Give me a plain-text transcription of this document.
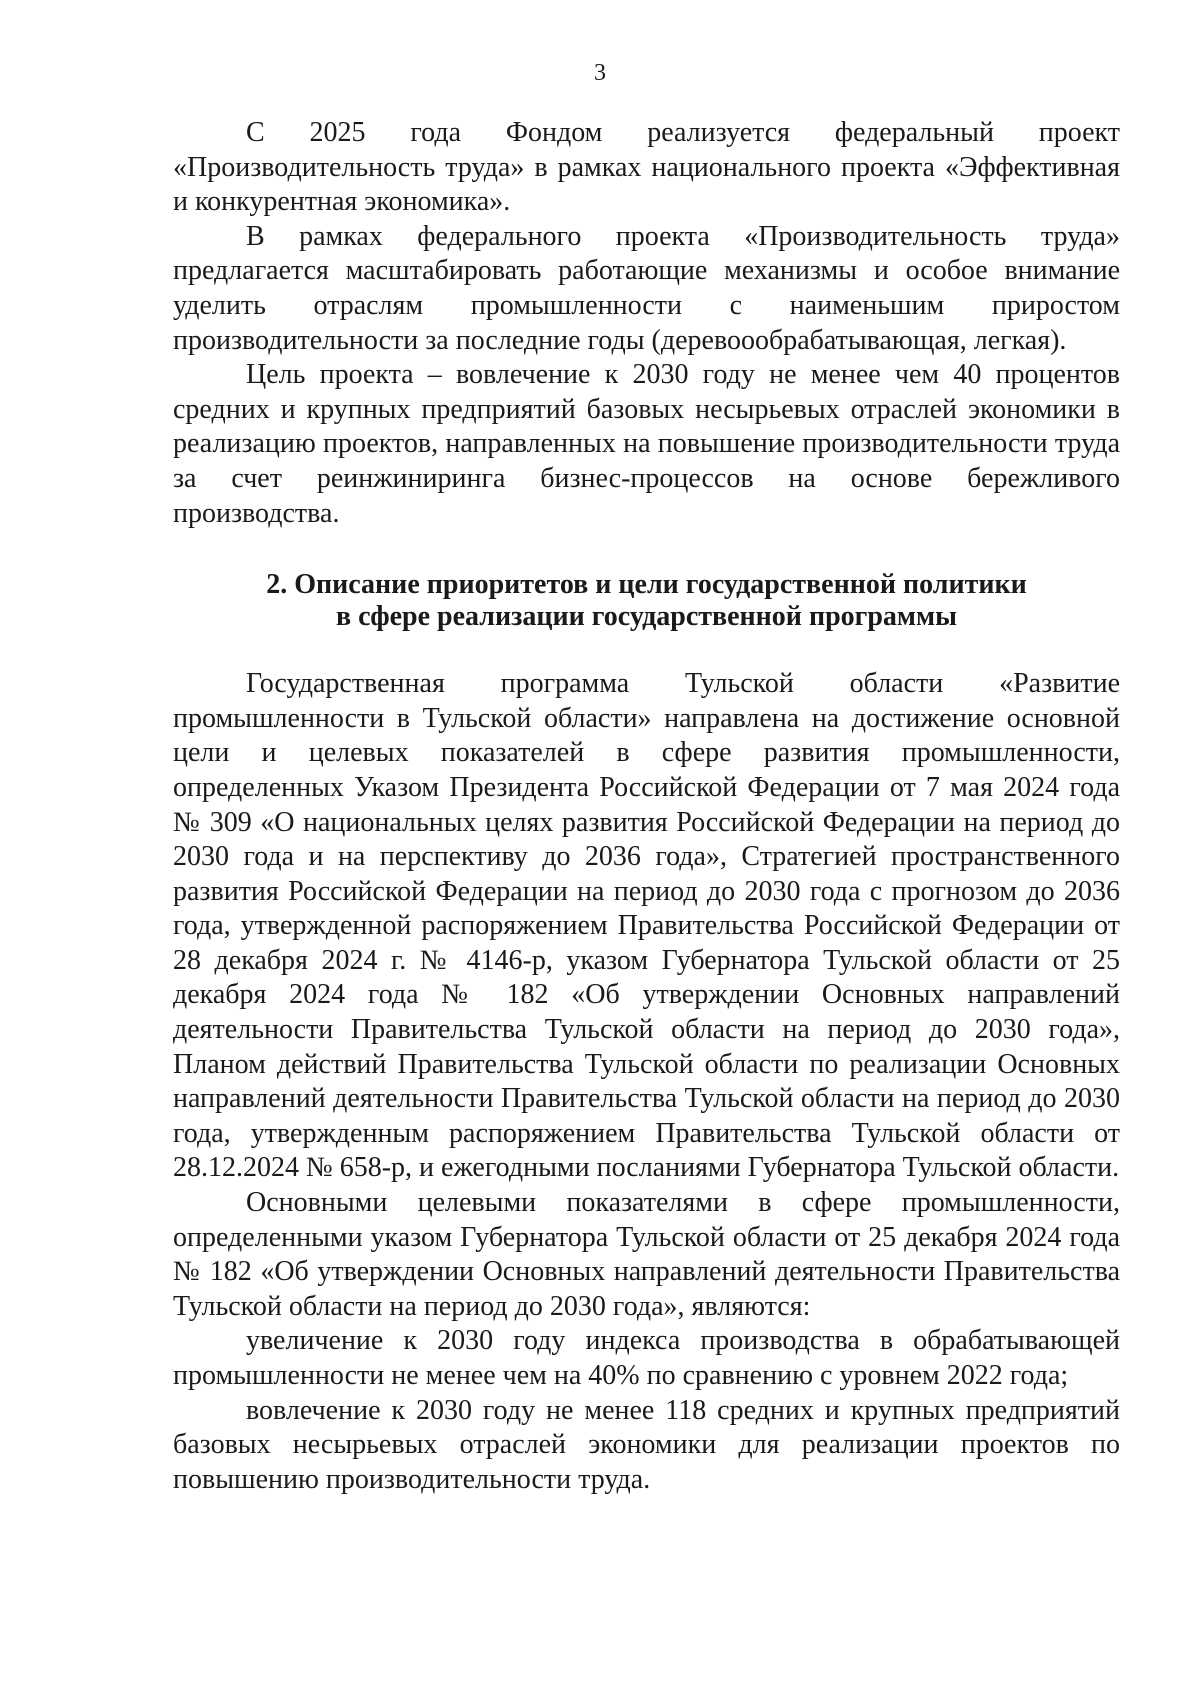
3

С 2025 года Фондом реализуется федеральный проект «Производительность труда» в рамках национального проекта «Эффективная и конкурентная экономика».

В рамках федерального проекта «Производительность труда» предлагается масштабировать работающие механизмы и особое внимание уделить отраслям промышленности с наименьшим приростом производительности за последние годы (деревоообрабатывающая, легкая).

Цель проекта – вовлечение к 2030 году не менее чем 40 процентов средних и крупных предприятий базовых несырьевых отраслей экономики в реализацию проектов, направленных на повышение производительности труда за счет реинжиниринга бизнес-процессов на основе бережливого производства.

2. Описание приоритетов и цели государственной политики
в сфере реализации государственной программы

Государственная программа Тульской области «Развитие промышленности в Тульской области» направлена на достижение основной цели и целевых показателей в сфере развития промышленности, определенных Указом Президента Российской Федерации от 7 мая 2024 года № 309 «О национальных целях развития Российской Федерации на период до 2030 года и на перспективу до 2036 года», Стратегией пространственного развития Российской Федерации на период до 2030 года с прогнозом до 2036 года, утвержденной распоряжением Правительства Российской Федерации от 28 декабря 2024 г. № 4146-р, указом Губернатора Тульской области от 25 декабря 2024 года № 182 «Об утверждении Основных направлений деятельности Правительства Тульской области на период до 2030 года», Планом действий Правительства Тульской области по реализации Основных направлений деятельности Правительства Тульской области на период до 2030 года, утвержденным распоряжением Правительства Тульской области от 28.12.2024 № 658-р, и ежегодными посланиями Губернатора Тульской области.

Основными целевыми показателями в сфере промышленности, определенными указом Губернатора Тульской области от 25 декабря 2024 года № 182 «Об утверждении Основных направлений деятельности Правительства Тульской области на период до 2030 года», являются:

увеличение к 2030 году индекса производства в обрабатывающей промышленности не менее чем на 40% по сравнению с уровнем 2022 года;

вовлечение к 2030 году не менее 118 средних и крупных предприятий базовых несырьевых отраслей экономики для реализации проектов по повышению производительности труда.
